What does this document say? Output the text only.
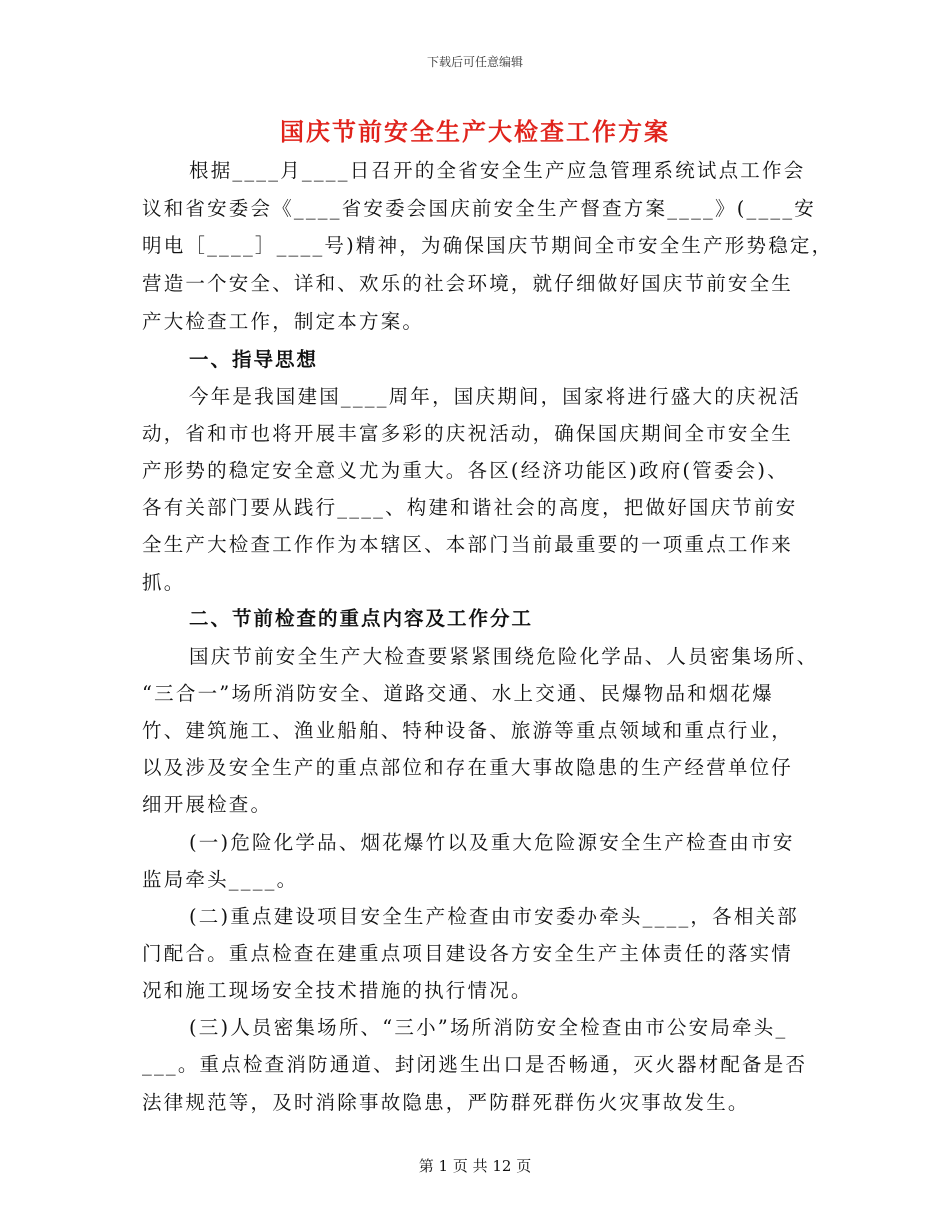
下载后可任意编辑
国庆节前安全生产大检查工作方案
根据____月____日召开的全省安全生产应急管理系统试点工作会
议和省安委会《____省安委会国庆前安全生产督查方案____》(____安
明电［____］____号)精神，为确保国庆节期间全市安全生产形势稳定，
营造一个安全、详和、欢乐的社会环境，就仔细做好国庆节前安全生
产大检查工作，制定本方案。
一、指导思想
今年是我国建国____周年，国庆期间，国家将进行盛大的庆祝活
动，省和市也将开展丰富多彩的庆祝活动，确保国庆期间全市安全生
产形势的稳定安全意义尤为重大。各区(经济功能区)政府(管委会)、
各有关部门要从践行____、构建和谐社会的高度，把做好国庆节前安
全生产大检查工作作为本辖区、本部门当前最重要的一项重点工作来
抓。
二、节前检查的重点内容及工作分工
国庆节前安全生产大检查要紧紧围绕危险化学品、人员密集场所、
“三合一”场所消防安全、道路交通、水上交通、民爆物品和烟花爆
竹、建筑施工、渔业船舶、特种设备、旅游等重点领域和重点行业，
以及涉及安全生产的重点部位和存在重大事故隐患的生产经营单位仔
细开展检查。
(一)危险化学品、烟花爆竹以及重大危险源安全生产检查由市安
监局牵头____。
(二)重点建设项目安全生产检查由市安委办牵头____，各相关部
门配合。重点检查在建重点项目建设各方安全生产主体责任的落实情
况和施工现场安全技术措施的执行情况。
(三)人员密集场所、“三小”场所消防安全检查由市公安局牵头_
___。重点检查消防通道、封闭逃生出口是否畅通，灭火器材配备是否
法律规范等，及时消除事故隐患，严防群死群伤火灾事故发生。
第 1 页 共 12 页
